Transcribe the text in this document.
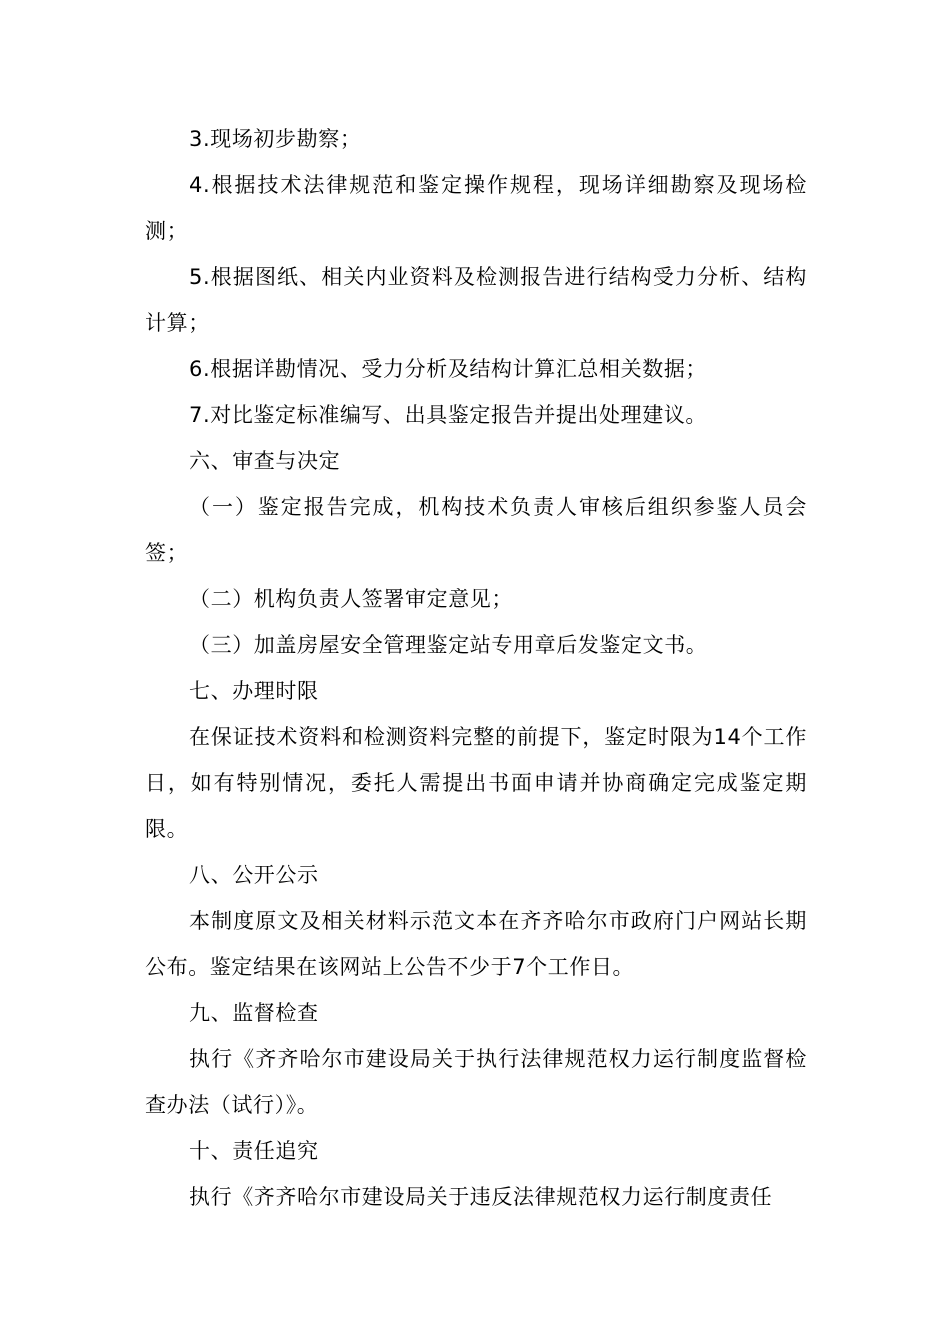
3.现场初步勘察；

4.根据技术法律规范和鉴定操作规程，现场详细勘察及现场检测；

5.根据图纸、相关内业资料及检测报告进行结构受力分析、结构计算；

6.根据详勘情况、受力分析及结构计算汇总相关数据；

7.对比鉴定标准编写、出具鉴定报告并提出处理建议。

六、审查与决定

（一）鉴定报告完成，机构技术负责人审核后组织参鉴人员会签；

（二）机构负责人签署审定意见；

（三）加盖房屋安全管理鉴定站专用章后发鉴定文书。

七、办理时限

在保证技术资料和检测资料完整的前提下，鉴定时限为14个工作日，如有特别情况，委托人需提出书面申请并协商确定完成鉴定期限。

八、公开公示

本制度原文及相关材料示范文本在齐齐哈尔市政府门户网站长期公布。鉴定结果在该网站上公告不少于7个工作日。

九、监督检查

执行《齐齐哈尔市建设局关于执行法律规范权力运行制度监督检查办法（试行）》。

十、责任追究

执行《齐齐哈尔市建设局关于违反法律规范权力运行制度责任
